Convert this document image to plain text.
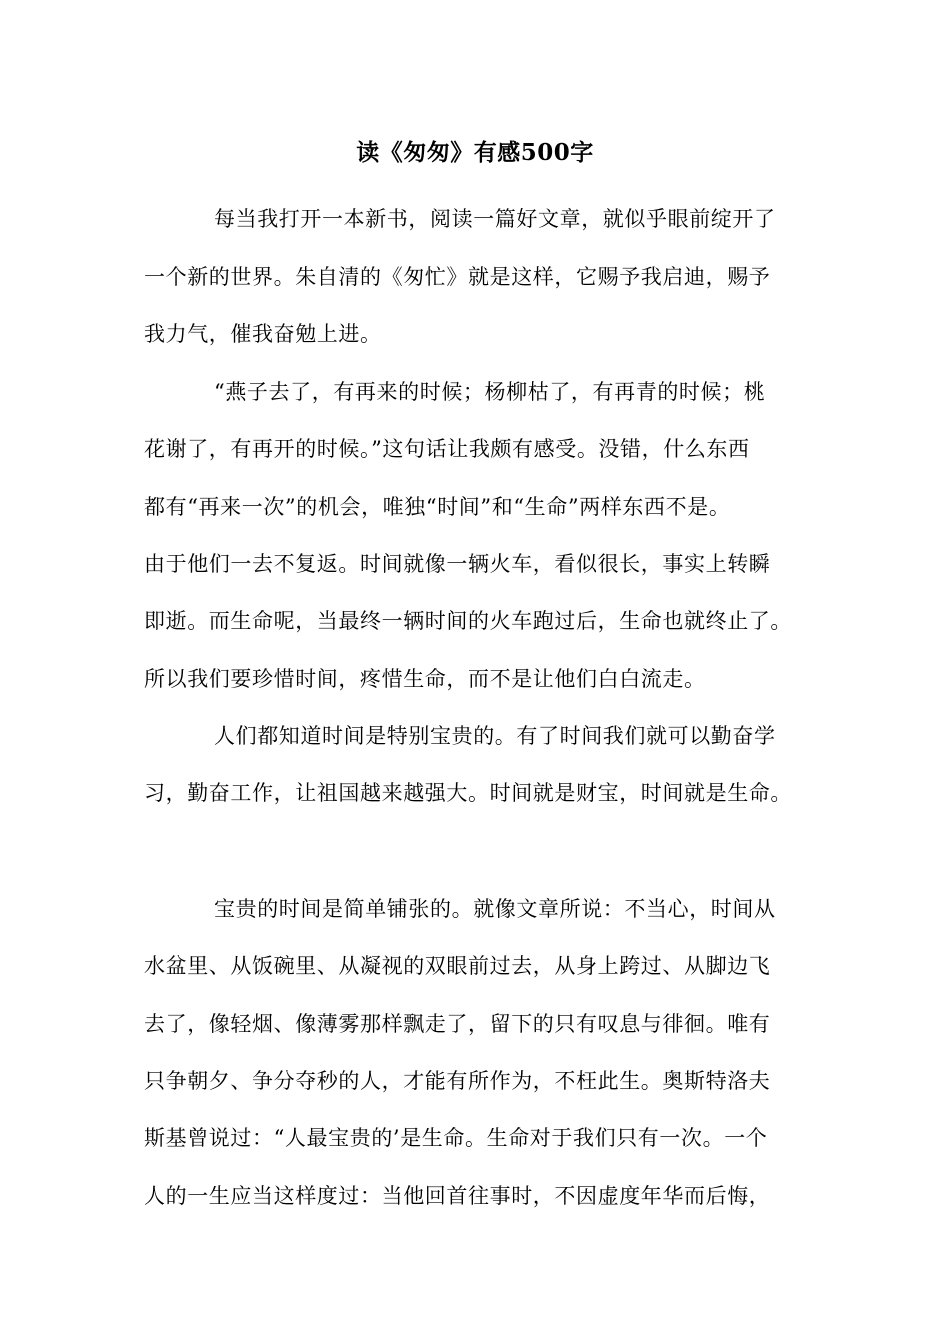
读《匆匆》有感500字
每当我打开一本新书，阅读一篇好文章，就似乎眼前绽开了
一个新的世界。朱自清的《匆忙》就是这样，它赐予我启迪，赐予
我力气，催我奋勉上进。
“燕子去了，有再来的时候；杨柳枯了，有再青的时候；桃
花谢了，有再开的时候。”这句话让我颇有感受。没错，什么东西
都有“再来一次”的机会，唯独“时间”和“生命”两样东西不是。
由于他们一去不复返。时间就像一辆火车，看似很长，事实上转瞬
即逝。而生命呢，当最终一辆时间的火车跑过后，生命也就终止了。
所以我们要珍惜时间，疼惜生命，而不是让他们白白流走。
人们都知道时间是特别宝贵的。有了时间我们就可以勤奋学
习，勤奋工作，让祖国越来越强大。时间就是财宝，时间就是生命。
宝贵的时间是简单铺张的。就像文章所说：不当心，时间从
水盆里、从饭碗里、从凝视的双眼前过去，从身上跨过、从脚边飞
去了，像轻烟、像薄雾那样飘走了，留下的只有叹息与徘徊。唯有
只争朝夕、争分夺秒的人，才能有所作为，不枉此生。奥斯特洛夫
斯基曾说过：“人最宝贵的’是生命。生命对于我们只有一次。一个
人的一生应当这样度过：当他回首往事时，不因虚度年华而后悔，
